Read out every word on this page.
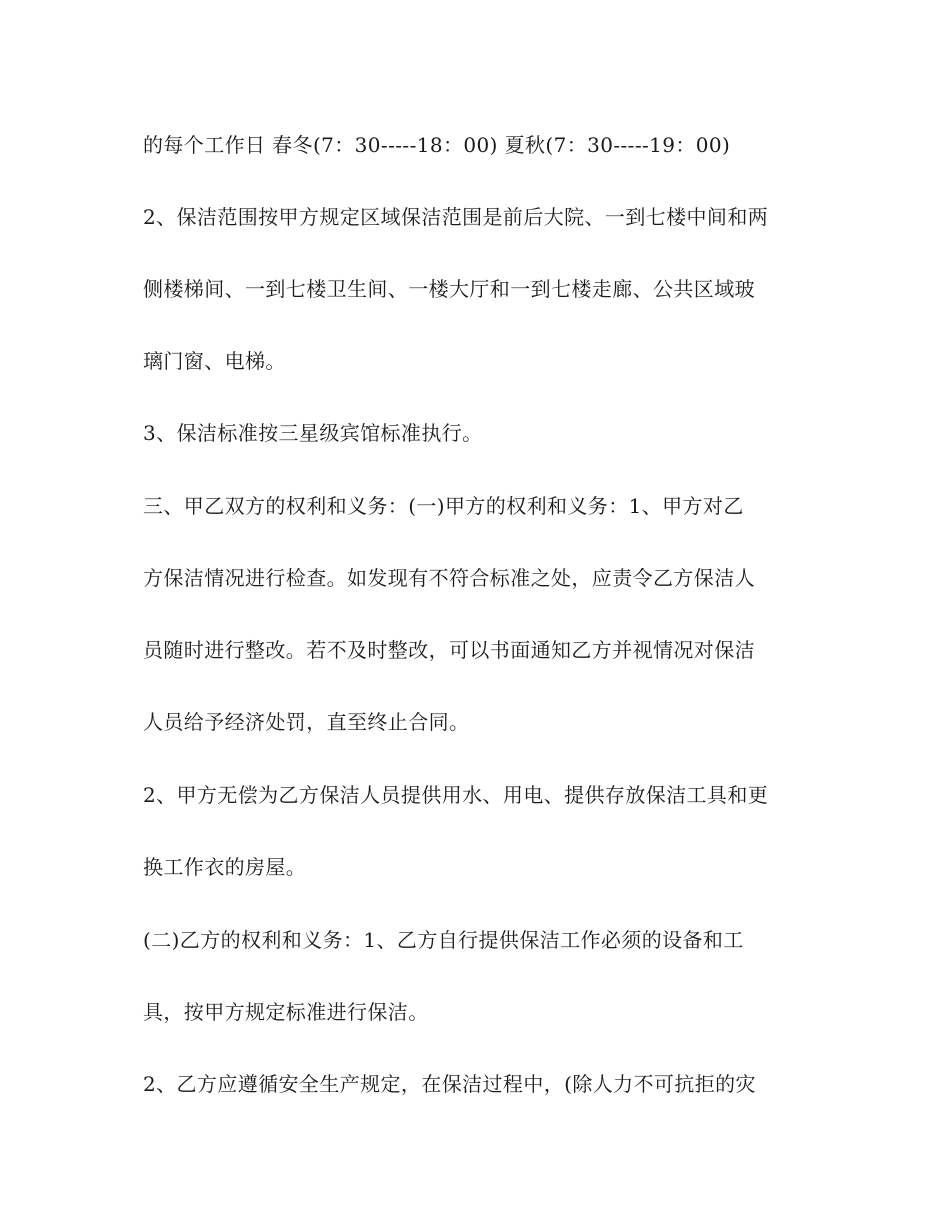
的每个工作日 春冬(7：30-----18：00) 夏秋(7：30-----19：00)

2、保洁范围按甲方规定区域保洁范围是前后大院、一到七楼中间和两

侧楼梯间、一到七楼卫生间、一楼大厅和一到七楼走廊、公共区域玻

璃门窗、电梯。

3、保洁标准按三星级宾馆标准执行。

三、甲乙双方的权利和义务：(一)甲方的权利和义务：1、甲方对乙

方保洁情况进行检查。如发现有不符合标准之处，应责令乙方保洁人

员随时进行整改。若不及时整改，可以书面通知乙方并视情况对保洁

人员给予经济处罚，直至终止合同。

2、甲方无偿为乙方保洁人员提供用水、用电、提供存放保洁工具和更

换工作衣的房屋。

(二)乙方的权利和义务：1、乙方自行提供保洁工作必须的设备和工

具，按甲方规定标准进行保洁。

2、乙方应遵循安全生产规定，在保洁过程中，(除人力不可抗拒的灾
